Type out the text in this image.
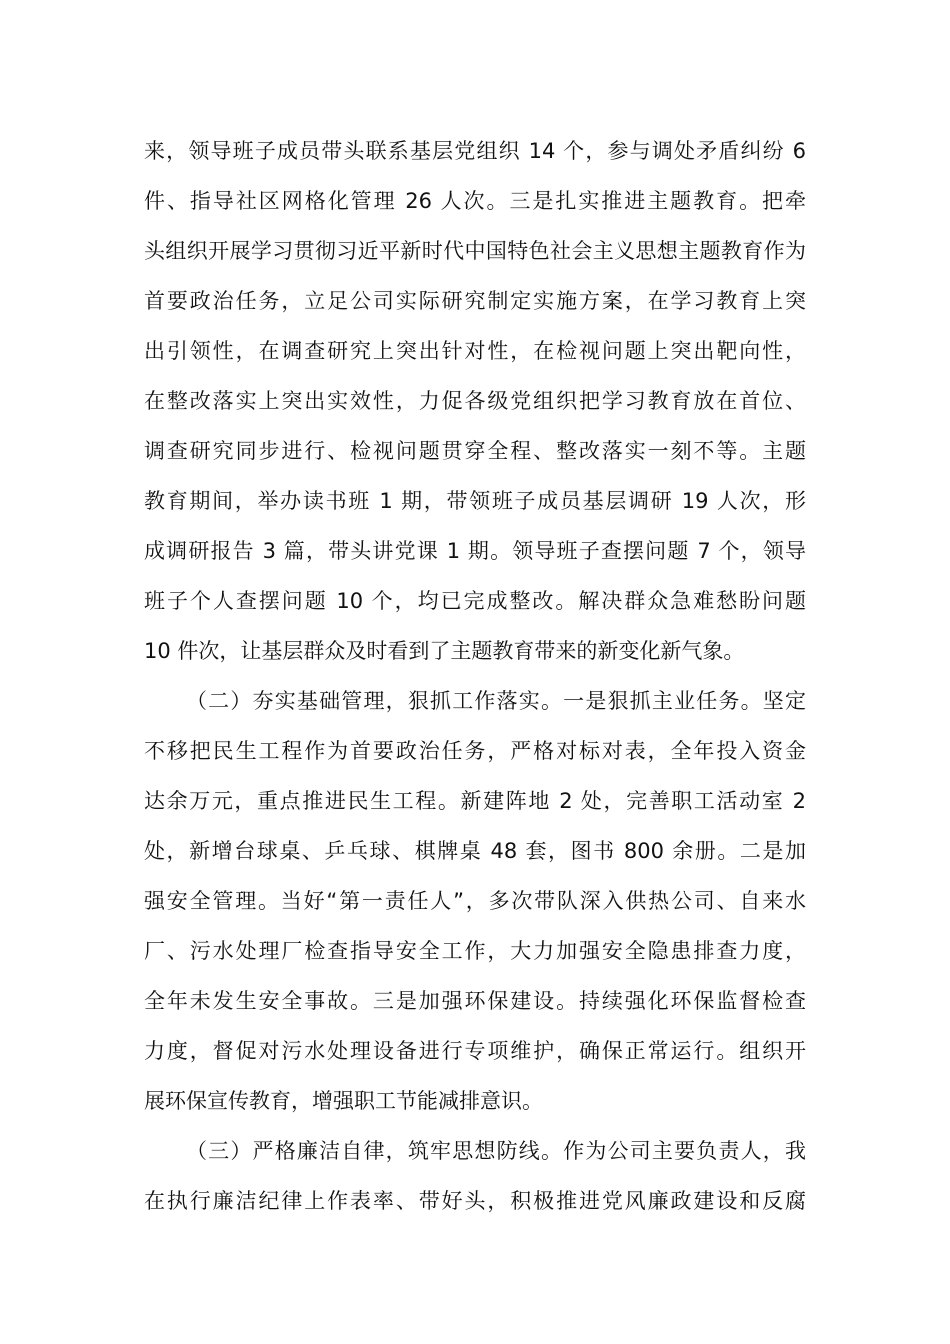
来，领导班子成员带头联系基层党组织 14 个，参与调处矛盾纠纷 6
件、指导社区网格化管理 26 人次。三是扎实推进主题教育。把牵
头组织开展学习贯彻习近平新时代中国特色社会主义思想主题教育作为
首要政治任务，立足公司实际研究制定实施方案，在学习教育上突
出引领性，在调查研究上突出针对性，在检视问题上突出靶向性，
在整改落实上突出实效性，力促各级党组织把学习教育放在首位、
调查研究同步进行、检视问题贯穿全程、整改落实一刻不等。主题
教育期间，举办读书班 1 期，带领班子成员基层调研 19 人次，形
成调研报告 3 篇，带头讲党课 1 期。领导班子查摆问题 7 个，领导
班子个人查摆问题 10 个，均已完成整改。解决群众急难愁盼问题
10 件次，让基层群众及时看到了主题教育带来的新变化新气象。
（二）夯实基础管理，狠抓工作落实。一是狠抓主业任务。坚定
不移把民生工程作为首要政治任务，严格对标对表，全年投入资金
达余万元，重点推进民生工程。新建阵地 2 处，完善职工活动室 2
处，新增台球桌、乒乓球、棋牌桌 48 套，图书 800 余册。二是加
强安全管理。当好“第一责任人”，多次带队深入供热公司、自来水
厂、污水处理厂检查指导安全工作，大力加强安全隐患排查力度，
全年未发生安全事故。三是加强环保建设。持续强化环保监督检查
力度，督促对污水处理设备进行专项维护，确保正常运行。组织开
展环保宣传教育，增强职工节能减排意识。
（三）严格廉洁自律，筑牢思想防线。作为公司主要负责人，我
在执行廉洁纪律上作表率、带好头，积极推进党风廉政建设和反腐
